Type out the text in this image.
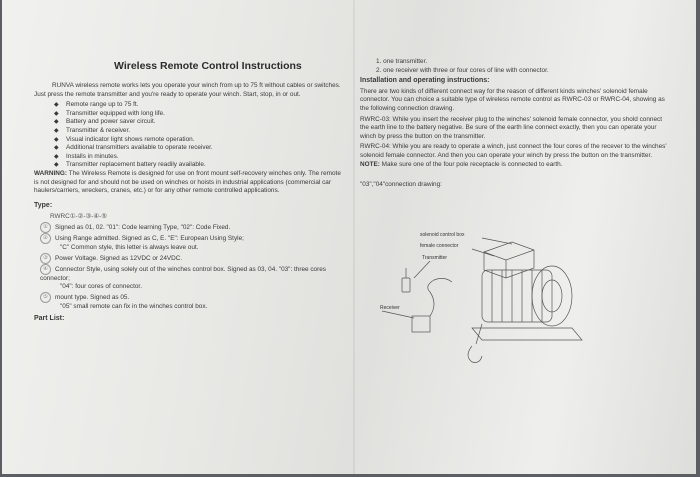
Wireless Remote Control Instructions
RUNVA wireless remote works lets you operate your winch from up to 75 ft without cables or switches. Just press the remote transmitter and you're ready to operate your winch. Start, stop, in or out.
◆ Remote range up to 75 ft.
◆ Transmitter equipped with long life.
◆ Battery and power saver circuit.
◆ Transmitter & receiver.
◆ Visual indicator light shows remote operation.
◆ Additional transmitters available to operate receiver.
◆ Installs in minutes.
◆ Transmitter replacement battery readily available.
WARNING: The Wireless Remote is designed for use on front mount self-recovery winches only. The remote is not designed for and should not be used on winches or hoists in industrial applications (commercial car haulers/carriers, wreckers, cranes, etc.) or for any other remote controlled applications.
Type:
RWRC①-②-③-④-⑤
① Signed as 01, 02. "01": Code learning Type, "02": Code Fixed.
② Using Range admitted. Signed as C, E. "E": European Using Style;
"C" Common style, this letter is always leave out.
③ Power Voltage. Signed as 12VDC or 24VDC.
④ Connector Style, using solely out of the winches control box. Signed as 03, 04. "03": three cores connector;
"04": four cores of connector.
⑤ mount type. Signed as 05.
"05" small remote can fix in the winches control box.
Part List:
1. one transmitter.
2. one receiver with three or four cores of line with connector.
Installation and operating instructions:
There are two kinds of different connect way for the reason of different kinds winches' solenoid female connector. You can choice a suitable type of wireless remote control as RWRC-03 or RWRC-04, showing as the following connection drawing.
RWRC-03: While you insert the receiver plug to the winches' solenoid female connector, you shold connect the earth line to the battery negative. Be sure of the earth line connect exactly, then you can operate your winch by press the button on the transmitter.
RWRC-04: While you are ready to operate a winch, just connect the four cores of the recever to the winches' solenoid female connector. And then you can operate your winch by press the button on the transmitter. NOTE: Make sure one of the four pole receptacle is connected to earth.
"03","04"connection drawing:
solenoid control box
female connector
Transmitter
Receiver
